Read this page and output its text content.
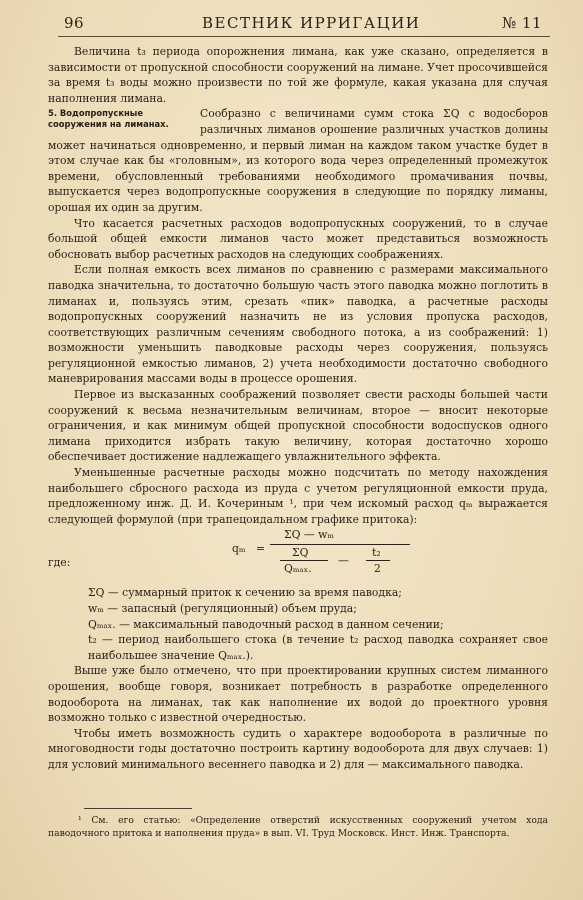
96	ВЕСТНИК ИРРИГАЦИИ	№ 11

Величина t₃ периода опорожнения лимана, как уже сказано, определяется в зависимости от пропускной способности сооружений на лимане. Учет просочившейся за время t₃ воды можно произвести по той же формуле, какая указана для случая наполнения лимана.

5. Водопропускные сооружения на лиманах.

Сообразно с величинами сумм стока ΣQ с водосборов различных лиманов орошение различных участков долины может начинаться одновременно, и первый лиман на каждом таком участке будет в этом случае как бы «головным», из которого вода через определенный промежуток времени, обусловленный требованиями необходимого промачивания почвы, выпускается через водопропускные сооружения в следующие по порядку лиманы, орошая их один за другим.

Что касается расчетных расходов водопропускных сооружений, то в случае большой общей емкости лиманов часто может представиться возможность обосновать выбор расчетных расходов на следующих соображениях.

Если полная емкость всех лиманов по сравнению с размерами максимального паводка значительна, то достаточно большую часть этого паводка можно поглотить в лиманах и, пользуясь этим, срезать «пик» паводка, а расчетные расходы водопропускных сооружений назначить не из условия пропуска расходов, соответствующих различным сечениям свободного потока, а из соображений: 1) возможности уменьшить паводковые расходы через сооружения, пользуясь регуляционной емкостью лиманов, 2) учета необходимости достаточно свободного маневрирования массами воды в процессе орошения.

Первое из высказанных соображений позволяет свести расходы большей части сооружений к весьма незначительным величинам, второе — вносит некоторые ограничения, и как минимум общей пропускной способности водоспусков одного лимана приходится избрать такую величину, которая достаточно хорошо обеспечивает достижение надлежащего увлажнительного эффекта.

Уменьшенные расчетные расходы можно подсчитать по методу нахождения наибольшего сбросного расхода из пруда с учетом регуляционной емкости пруда, предложенному инж. Д. И. Кочериным ¹, при чем искомый расход qₘ выражается следующей формулой (при трапецоидальном графике притока):

где:
qₘ =
ΣQ — wₘ
ΣQ
Qₘₐₓ.
—
t₂
2
ΣQ — суммарный приток к сечению за время паводка;
wₘ — запасный (регуляционный) объем пруда;
Qₘₐₓ. — максимальный паводочный расход в данном сечении;
t₂ — период наибольшего стока (в течение t₂ расход паводка сохраняет свое наибольшее значение Qₘₐₓ.).

Выше уже было отмечено, что при проектировании крупных систем лиманного орошения, вообще говоря, возникает потребность в разработке определенного водооборота на лиманах, так как наполнение их водой до проектного уровня возможно только с известной очередностью.

Чтобы иметь возможность судить о характере водооборота в различные по многоводности годы достаточно построить картину водооборота для двух случаев: 1) для условий минимального весеннего паводка и 2) для — максимального паводка.

¹ См. его статью: «Определение отверстий искусственных сооружений учетом хода паводочного притока и наполнения пруда» в вып. VI. Труд Московск. Инст. Инж. Транспорта.
